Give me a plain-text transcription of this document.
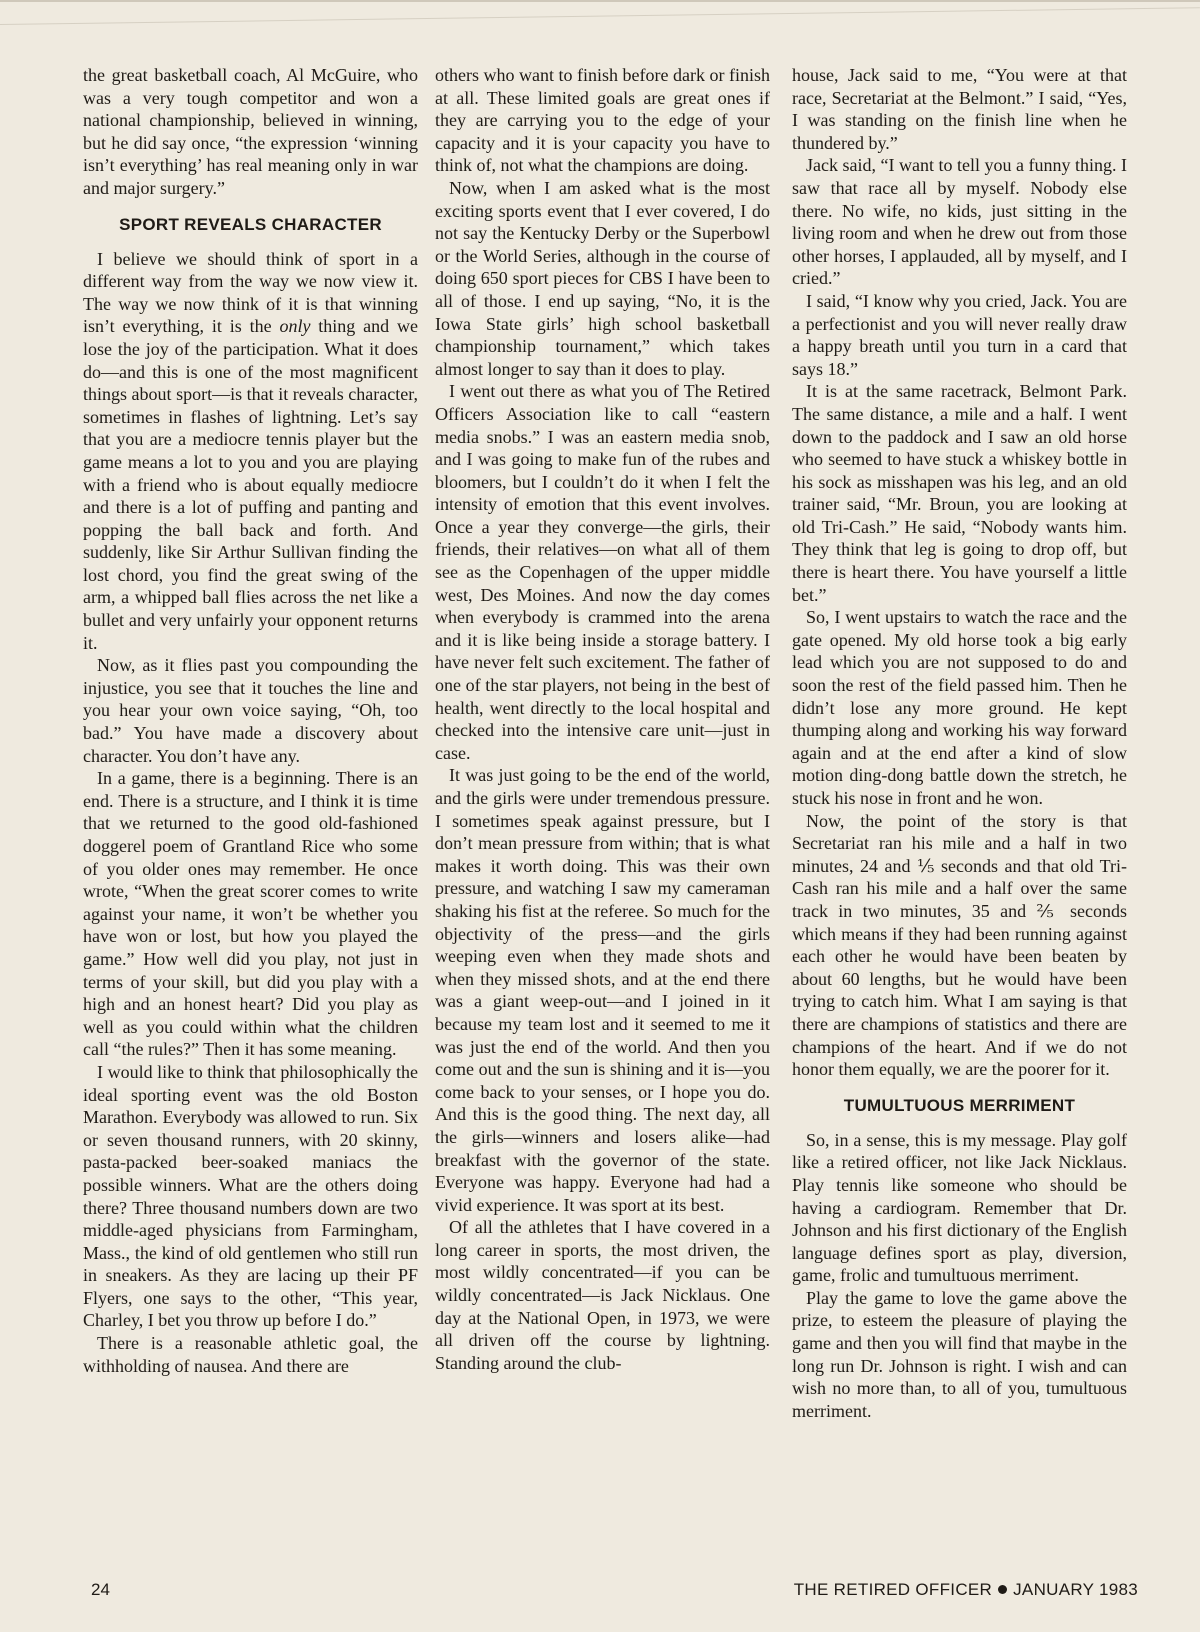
the great basketball coach, Al McGuire, who was a very tough competitor and won a national championship, believed in winning, but he did say once, “the expression ‘winning isn’t everything’ has real meaning only in war and major surgery.”

SPORT REVEALS CHARACTER

I believe we should think of sport in a different way from the way we now view it. The way we now think of it is that winning isn’t everything, it is the only thing and we lose the joy of the participation. What it does do—and this is one of the most magnificent things about sport—is that it reveals character, sometimes in flashes of lightning. Let’s say that you are a mediocre tennis player but the game means a lot to you and you are playing with a friend who is about equally mediocre and there is a lot of puffing and panting and popping the ball back and forth. And suddenly, like Sir Arthur Sullivan finding the lost chord, you find the great swing of the arm, a whipped ball flies across the net like a bullet and very unfairly your opponent returns it.

Now, as it flies past you compounding the injustice, you see that it touches the line and you hear your own voice saying, “Oh, too bad.” You have made a discovery about character. You don’t have any.

In a game, there is a beginning. There is an end. There is a structure, and I think it is time that we returned to the good old-fashioned doggerel poem of Grantland Rice who some of you older ones may remember. He once wrote, “When the great scorer comes to write against your name, it won’t be whether you have won or lost, but how you played the game.” How well did you play, not just in terms of your skill, but did you play with a high and an honest heart? Did you play as well as you could within what the children call “the rules?” Then it has some meaning.

I would like to think that philosophically the ideal sporting event was the old Boston Marathon. Everybody was allowed to run. Six or seven thousand runners, with 20 skinny, pasta-packed beer-soaked maniacs the possible winners. What are the others doing there? Three thousand numbers down are two middle-aged physicians from Farmingham, Mass., the kind of old gentlemen who still run in sneakers. As they are lacing up their PF Flyers, one says to the other, “This year, Charley, I bet you throw up before I do.”

There is a reasonable athletic goal, the withholding of nausea. And there are

others who want to finish before dark or finish at all. These limited goals are great ones if they are carrying you to the edge of your capacity and it is your capacity you have to think of, not what the champions are doing.

Now, when I am asked what is the most exciting sports event that I ever covered, I do not say the Kentucky Derby or the Superbowl or the World Series, although in the course of doing 650 sport pieces for CBS I have been to all of those. I end up saying, “No, it is the Iowa State girls’ high school basketball championship tournament,” which takes almost longer to say than it does to play.

I went out there as what you of The Retired Officers Association like to call “eastern media snobs.” I was an eastern media snob, and I was going to make fun of the rubes and bloomers, but I couldn’t do it when I felt the intensity of emotion that this event involves. Once a year they converge—the girls, their friends, their relatives—on what all of them see as the Copenhagen of the upper middle west, Des Moines. And now the day comes when everybody is crammed into the arena and it is like being inside a storage battery. I have never felt such excitement. The father of one of the star players, not being in the best of health, went directly to the local hospital and checked into the intensive care unit—just in case.

It was just going to be the end of the world, and the girls were under tremendous pressure. I sometimes speak against pressure, but I don’t mean pressure from within; that is what makes it worth doing. This was their own pressure, and watching I saw my cameraman shaking his fist at the referee. So much for the objectivity of the press—and the girls weeping even when they made shots and when they missed shots, and at the end there was a giant weep-out—and I joined in it because my team lost and it seemed to me it was just the end of the world. And then you come out and the sun is shining and it is—you come back to your senses, or I hope you do. And this is the good thing. The next day, all the girls—winners and losers alike—had breakfast with the governor of the state. Everyone was happy. Everyone had had a vivid experience. It was sport at its best.

Of all the athletes that I have covered in a long career in sports, the most driven, the most wildly concentrated—if you can be wildly concentrated—is Jack Nicklaus. One day at the National Open, in 1973, we were all driven off the course by lightning. Standing around the club-

house, Jack said to me, “You were at that race, Secretariat at the Belmont.” I said, “Yes, I was standing on the finish line when he thundered by.”

Jack said, “I want to tell you a funny thing. I saw that race all by myself. Nobody else there. No wife, no kids, just sitting in the living room and when he drew out from those other horses, I applauded, all by myself, and I cried.”

I said, “I know why you cried, Jack. You are a perfectionist and you will never really draw a happy breath until you turn in a card that says 18.”

It is at the same racetrack, Belmont Park. The same distance, a mile and a half. I went down to the paddock and I saw an old horse who seemed to have stuck a whiskey bottle in his sock as misshapen was his leg, and an old trainer said, “Mr. Broun, you are looking at old Tri-Cash.” He said, “Nobody wants him. They think that leg is going to drop off, but there is heart there. You have yourself a little bet.”

So, I went upstairs to watch the race and the gate opened. My old horse took a big early lead which you are not supposed to do and soon the rest of the field passed him. Then he didn’t lose any more ground. He kept thumping along and working his way forward again and at the end after a kind of slow motion ding-dong battle down the stretch, he stuck his nose in front and he won.

Now, the point of the story is that Secretariat ran his mile and a half in two minutes, 24 and ⅕ seconds and that old Tri-Cash ran his mile and a half over the same track in two minutes, 35 and ⅖ seconds which means if they had been running against each other he would have been beaten by about 60 lengths, but he would have been trying to catch him. What I am saying is that there are champions of statistics and there are champions of the heart. And if we do not honor them equally, we are the poorer for it.

TUMULTUOUS MERRIMENT

So, in a sense, this is my message. Play golf like a retired officer, not like Jack Nicklaus. Play tennis like someone who should be having a cardiogram. Remember that Dr. Johnson and his first dictionary of the English language defines sport as play, diversion, game, frolic and tumultuous merriment.

Play the game to love the game above the prize, to esteem the pleasure of playing the game and then you will find that maybe in the long run Dr. Johnson is right. I wish and can wish no more than, to all of you, tumultuous merriment.

24	THE RETIRED OFFICER JANUARY 1983
